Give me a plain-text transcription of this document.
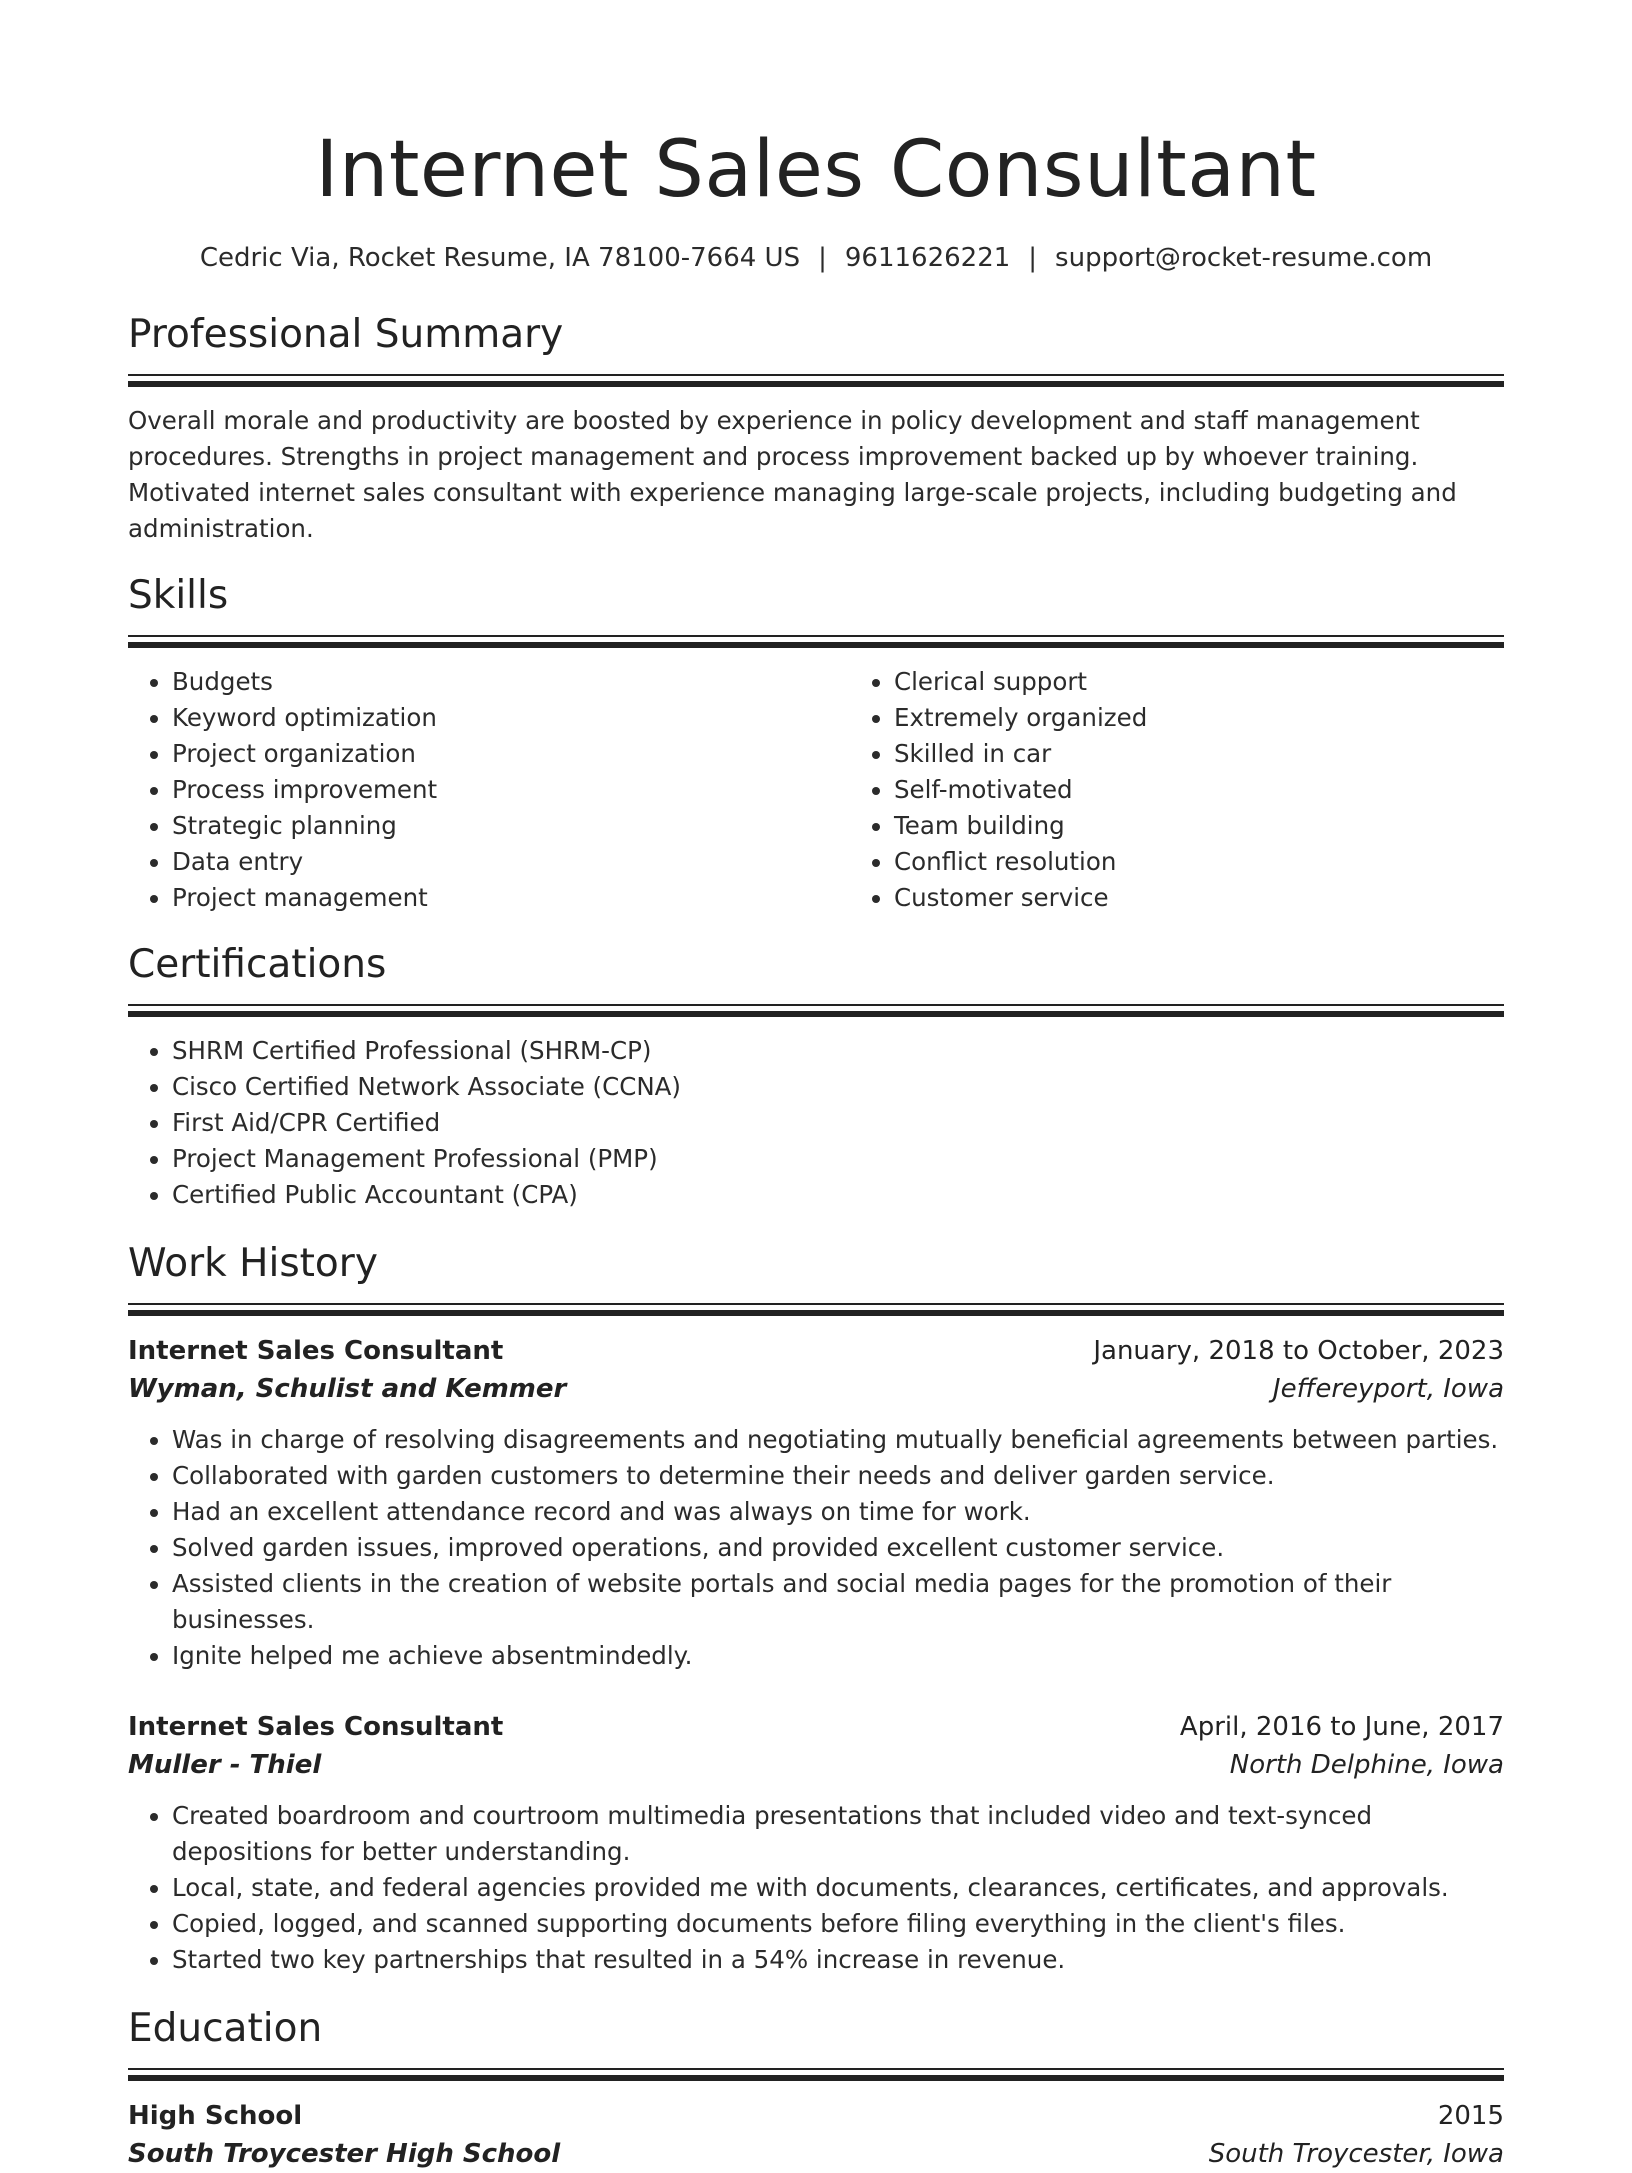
Internet Sales Consultant
Cedric Via, Rocket Resume, IA 78100-7664 US | 9611626221 | support@rocket-resume.com
Professional Summary

Overall morale and productivity are boosted by experience in policy development and staff management procedures. Strengths in project management and process improvement backed up by whoever training. Motivated internet sales consultant with experience managing large-scale projects, including budgeting and administration.

Skills
• Budgets
• Keyword optimization
• Project organization
• Process improvement
• Strategic planning
• Data entry
• Project management
• Clerical support
• Extremely organized
• Skilled in car
• Self-motivated
• Team building
• Conflict resolution
• Customer service
Certifications
• SHRM Certified Professional (SHRM-CP)
• Cisco Certified Network Associate (CCNA)
• First Aid/CPR Certified
• Project Management Professional (PMP)
• Certified Public Accountant (CPA)
Work History
Internet Sales Consultant	January, 2018 to October, 2023
Wyman, Schulist and Kemmer	Jeffereyport, Iowa
• Was in charge of resolving disagreements and negotiating mutually beneficial agreements between parties.
• Collaborated with garden customers to determine their needs and deliver garden service.
• Had an excellent attendance record and was always on time for work.
• Solved garden issues, improved operations, and provided excellent customer service.
• Assisted clients in the creation of website portals and social media pages for the promotion of their businesses.
• Ignite helped me achieve absentmindedly.
Internet Sales Consultant	April, 2016 to June, 2017
Muller - Thiel	North Delphine, Iowa
• Created boardroom and courtroom multimedia presentations that included video and text-synced depositions for better understanding.
• Local, state, and federal agencies provided me with documents, clearances, certificates, and approvals.
• Copied, logged, and scanned supporting documents before filing everything in the client's files.
• Started two key partnerships that resulted in a 54% increase in revenue.
Education
High School	2015
South Troycester High School	South Troycester, Iowa
